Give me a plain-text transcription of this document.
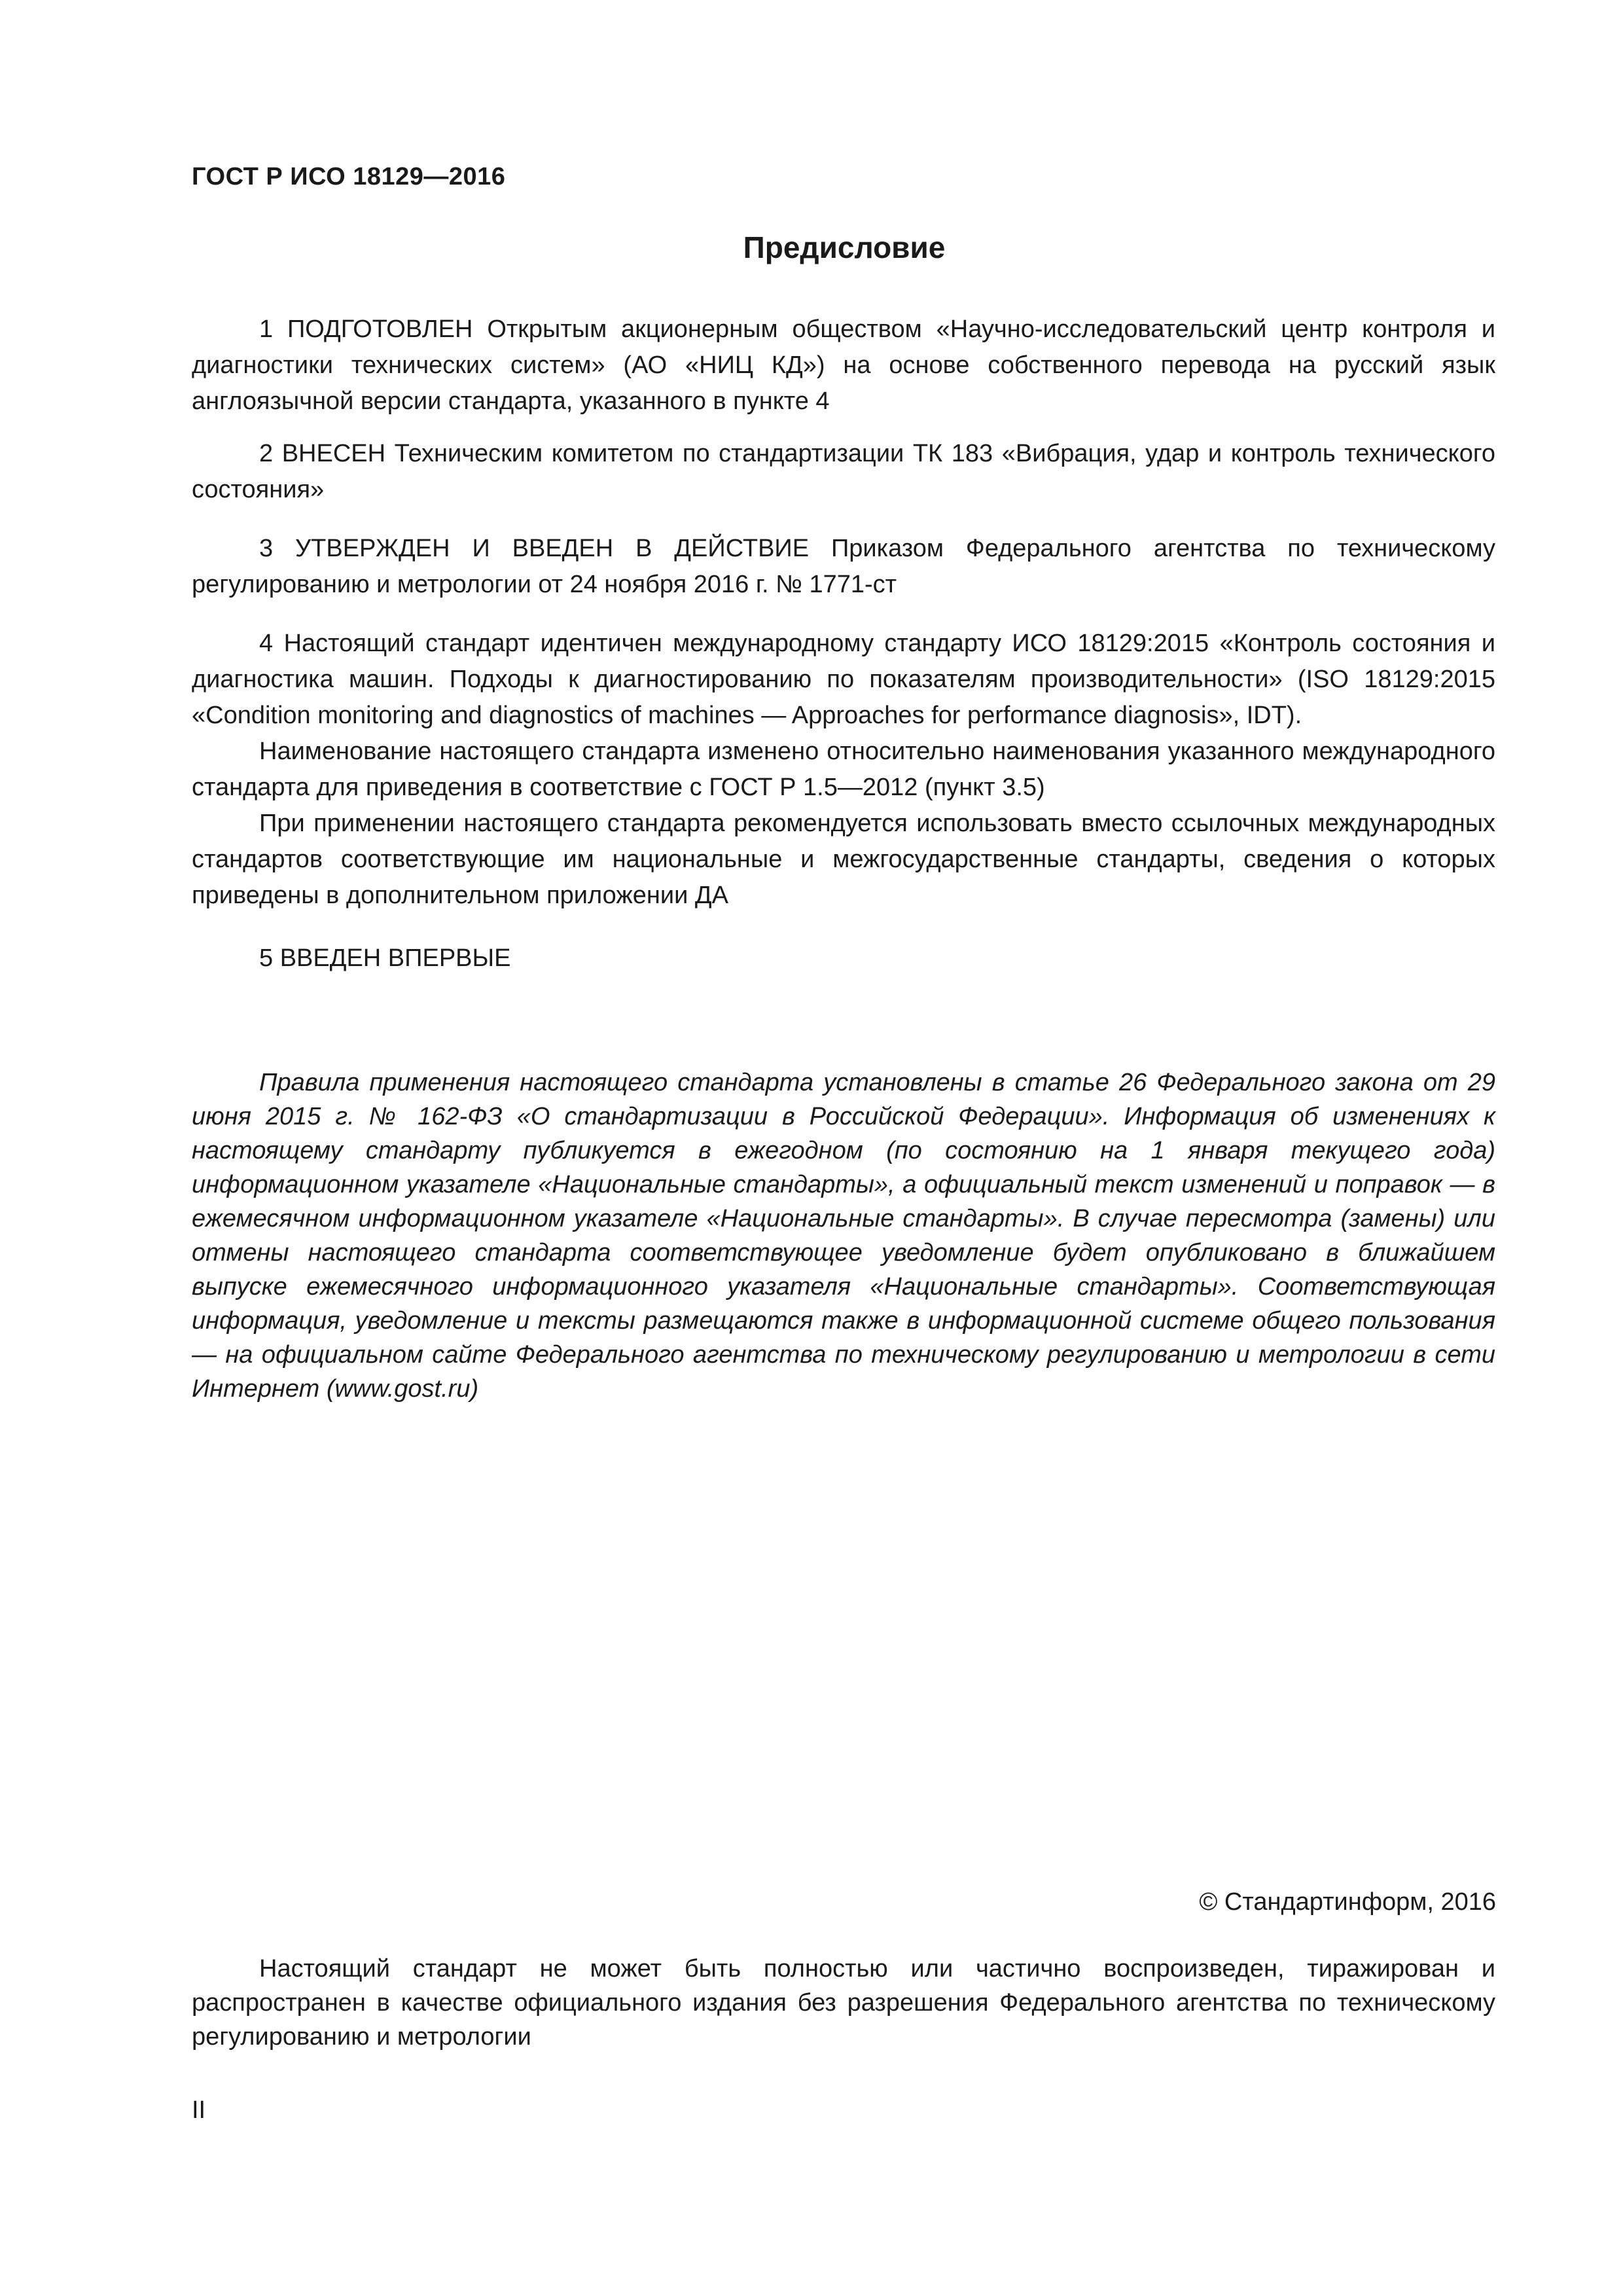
ГОСТ Р ИСО 18129—2016
Предисловие

1 ПОДГОТОВЛЕН Открытым акционерным обществом «Научно-исследовательский центр контроля и диагностики технических систем» (АО «НИЦ КД») на основе собственного перевода на русский язык англоязычной версии стандарта, указанного в пункте 4

2 ВНЕСЕН Техническим комитетом по стандартизации ТК 183 «Вибрация, удар и контроль технического состояния»

3 УТВЕРЖДЕН И ВВЕДЕН В ДЕЙСТВИЕ Приказом Федерального агентства по техническому регулированию и метрологии от 24 ноября 2016 г. № 1771-ст

4 Настоящий стандарт идентичен международному стандарту ИСО 18129:2015 «Контроль состояния и диагностика машин. Подходы к диагностированию по показателям производительности» (ISO 18129:2015 «Condition monitoring and diagnostics of machines — Approaches for performance diagnosis», IDT).

Наименование настоящего стандарта изменено относительно наименования указанного международного стандарта для приведения в соответствие с ГОСТ Р 1.5—2012 (пункт 3.5)

При применении настоящего стандарта рекомендуется использовать вместо ссылочных международных стандартов соответствующие им национальные и межгосударственные стандарты, сведения о которых приведены в дополнительном приложении ДА

5 ВВЕДЕН ВПЕРВЫЕ

Правила применения настоящего стандарта установлены в статье 26 Федерального закона от 29 июня 2015 г. № 162-ФЗ «О стандартизации в Российской Федерации». Информация об изменениях к настоящему стандарту публикуется в ежегодном (по состоянию на 1 января текущего года) информационном указателе «Национальные стандарты», а официальный текст изменений и поправок — в ежемесячном информационном указателе «Национальные стандарты». В случае пересмотра (замены) или отмены настоящего стандарта соответствующее уведомление будет опубликовано в ближайшем выпуске ежемесячного информационного указателя «Национальные стандарты». Соответствующая информация, уведомление и тексты размещаются также в информационной системе общего пользования — на официальном сайте Федерального агентства по техническому регулированию и метрологии в сети Интернет (www.gost.ru)

© Стандартинформ, 2016

Настоящий стандарт не может быть полностью или частично воспроизведен, тиражирован и распространен в качестве официального издания без разрешения Федерального агентства по техническому регулированию и метрологии

II
